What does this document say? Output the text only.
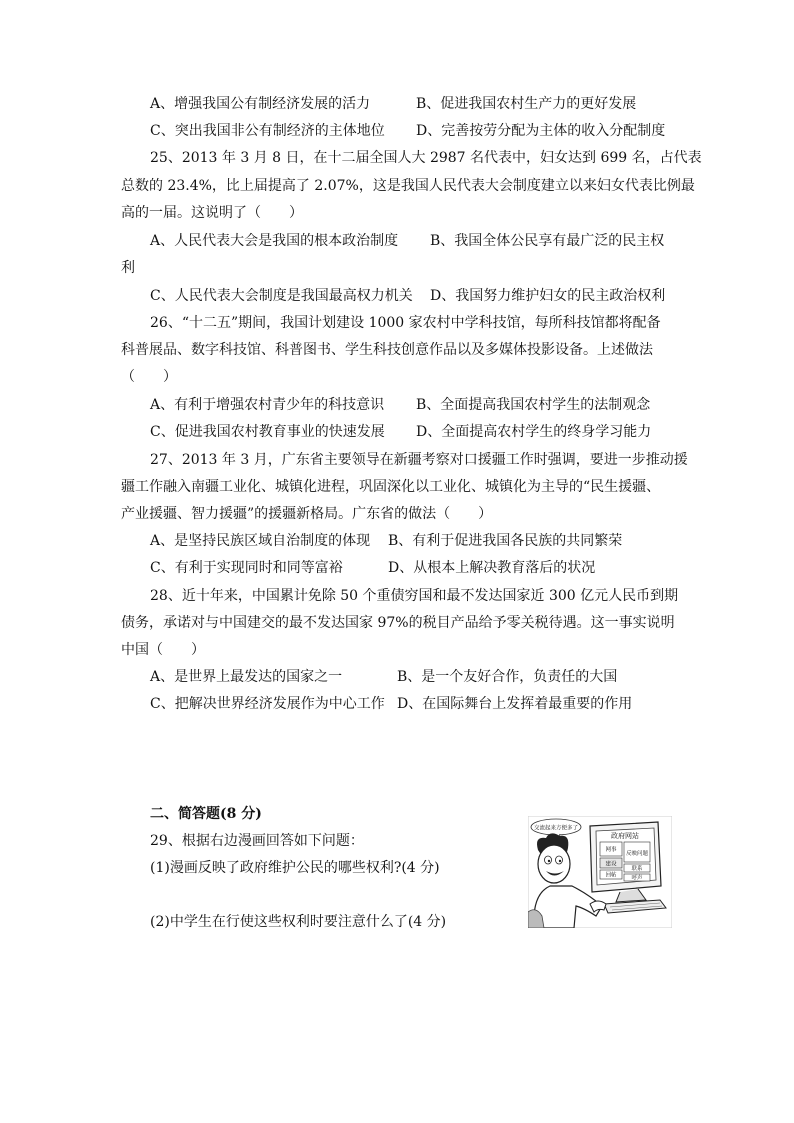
A、增强我国公有制经济发展的活力	B、促进我国农村生产力的更好发展
C、突出我国非公有制经济的主体地位 D、完善按劳分配为主体的收入分配制度
25、2013 年 3 月 8 日，在十二届全国人大 2987 名代表中，妇女达到 699 名，占代表
总数的 23.4%，比上届提高了 2.07%，这是我国人民代表大会制度建立以来妇女代表比例最
高的一届。这说明了（　　）
A、人民代表大会是我国的根本政治制度 B、我国全体公民享有最广泛的民主权
利
C、人民代表大会制度是我国最高权力机关 D、我国努力维护妇女的民主政治权利
26、“十二五”期间，我国计划建设 1000 家农村中学科技馆，每所科技馆都将配备
科普展品、数字科技馆、科普图书、学生科技创意作品以及多媒体投影设备。上述做法
（　　）
A、有利于增强农村青少年的科技意识 B、全面提高我国农村学生的法制观念
C、促进我国农村教育事业的快速发展 D、全面提高农村学生的终身学习能力
27、2013 年 3 月，广东省主要领导在新疆考察对口援疆工作时强调，要进一步推动援
疆工作融入南疆工业化、城镇化进程，巩固深化以工业化、城镇化为主导的“民生援疆、
产业援疆、智力援疆”的援疆新格局。广东省的做法（　　）
A、是坚持民族区域自治制度的体现 B、有利于促进我国各民族的共同繁荣
C、有利于实现同时和同等富裕	D、从根本上解决教育落后的状况
28、近十年来，中国累计免除 50 个重债穷国和最不发达国家近 300 亿元人民币到期
债务，承诺对与中国建交的最不发达国家 97%的税目产品给予零关税待遇。这一事实说明
中国（　　）
A、是世界上最发达的国家之一	B、是一个友好合作，负责任的大国
C、把解决世界经济发展作为中心工作 D、在国际舞台上发挥着最重要的作用
二、简答题(8 分)
29、根据右边漫画回答如下问题：
(1)漫画反映了政府维护公民的哪些权利?(4 分)
(2)中学生在行使这些权利时要注意什么了(4 分)
交流起来方便多了
政府网站
网事
反映问题
建设
联系
回帖	呼声
